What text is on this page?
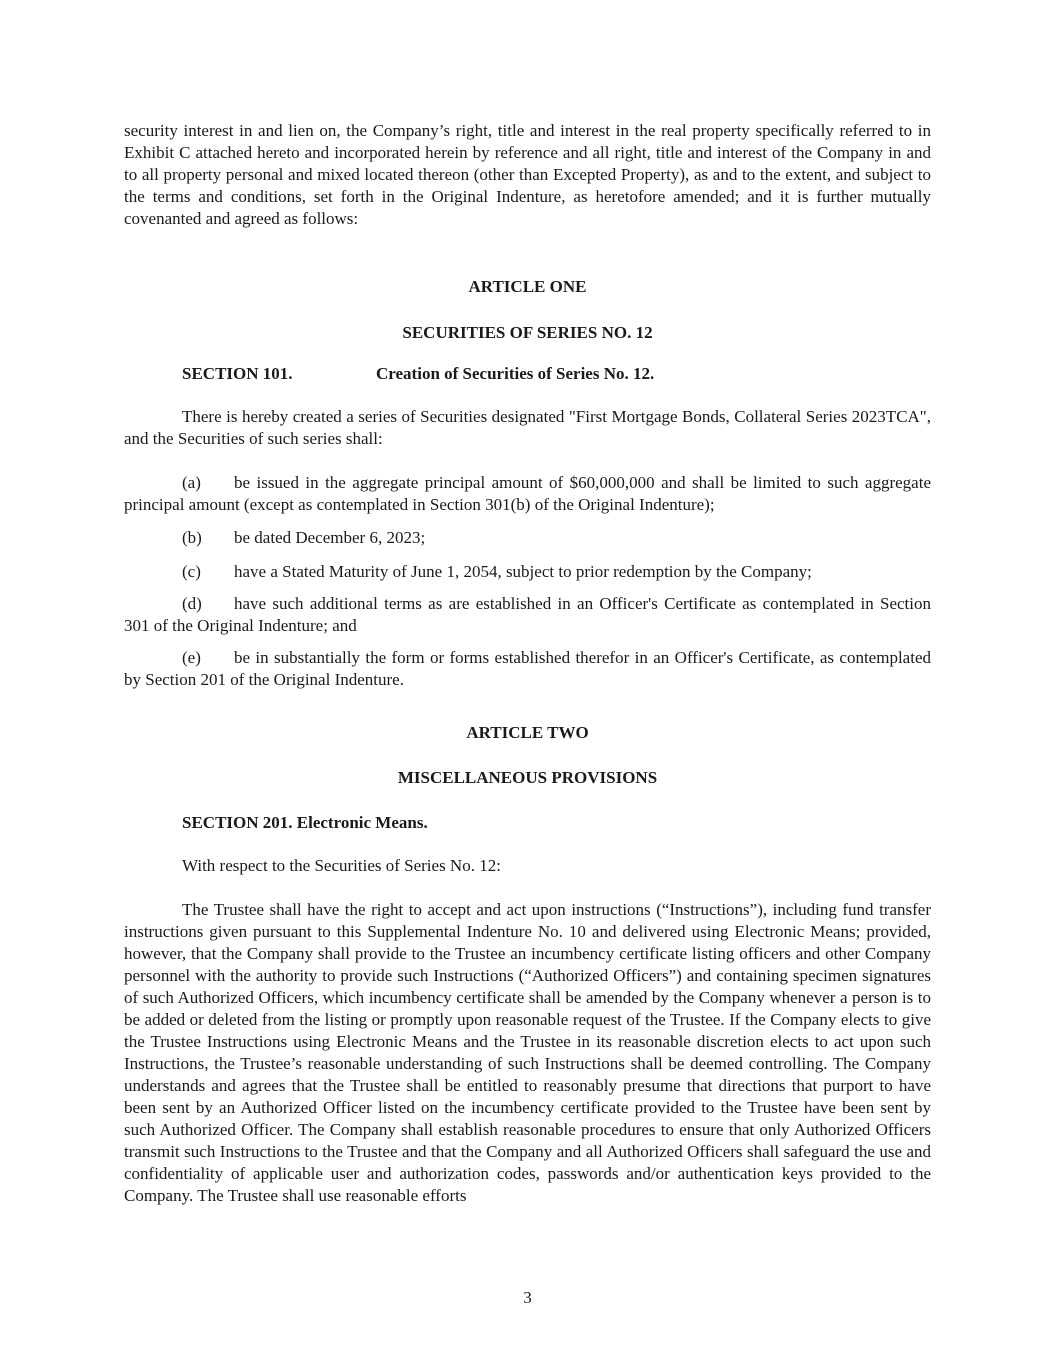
security interest in and lien on, the Company’s right, title and interest in the real property specifically referred to in Exhibit C attached hereto and incorporated herein by reference and all right, title and interest of the Company in and to all property personal and mixed located thereon (other than Excepted Property), as and to the extent, and subject to the terms and conditions, set forth in the Original Indenture, as heretofore amended; and it is further mutually covenanted and agreed as follows:

ARTICLE ONE

SECURITIES OF SERIES NO. 12

SECTION 101.	Creation of Securities of Series No. 12.

There is hereby created a series of Securities designated "First Mortgage Bonds, Collateral Series 2023TCA", and the Securities of such series shall:

(a) be issued in the aggregate principal amount of $60,000,000 and shall be limited to such aggregate principal amount (except as contemplated in Section 301(b) of the Original Indenture);

(b) be dated December 6, 2023;

(c) have a Stated Maturity of June 1, 2054, subject to prior redemption by the Company;

(d) have such additional terms as are established in an Officer's Certificate as contemplated in Section 301 of the Original Indenture; and

(e) be in substantially the form or forms established therefor in an Officer's Certificate, as contemplated by Section 201 of the Original Indenture.

ARTICLE TWO

MISCELLANEOUS PROVISIONS

SECTION 201. Electronic Means.

With respect to the Securities of Series No. 12:

The Trustee shall have the right to accept and act upon instructions (“Instructions”), including fund transfer instructions given pursuant to this Supplemental Indenture No. 10 and delivered using Electronic Means; provided, however, that the Company shall provide to the Trustee an incumbency certificate listing officers and other Company personnel with the authority to provide such Instructions (“Authorized Officers”) and containing specimen signatures of such Authorized Officers, which incumbency certificate shall be amended by the Company whenever a person is to be added or deleted from the listing or promptly upon reasonable request of the Trustee. If the Company elects to give the Trustee Instructions using Electronic Means and the Trustee in its reasonable discretion elects to act upon such Instructions, the Trustee’s reasonable understanding of such Instructions shall be deemed controlling. The Company understands and agrees that the Trustee shall be entitled to reasonably presume that directions that purport to have been sent by an Authorized Officer listed on the incumbency certificate provided to the Trustee have been sent by such Authorized Officer. The Company shall establish reasonable procedures to ensure that only Authorized Officers transmit such Instructions to the Trustee and that the Company and all Authorized Officers shall safeguard the use and confidentiality of applicable user and authorization codes, passwords and/or authentication keys provided to the Company. The Trustee shall use reasonable efforts

3
